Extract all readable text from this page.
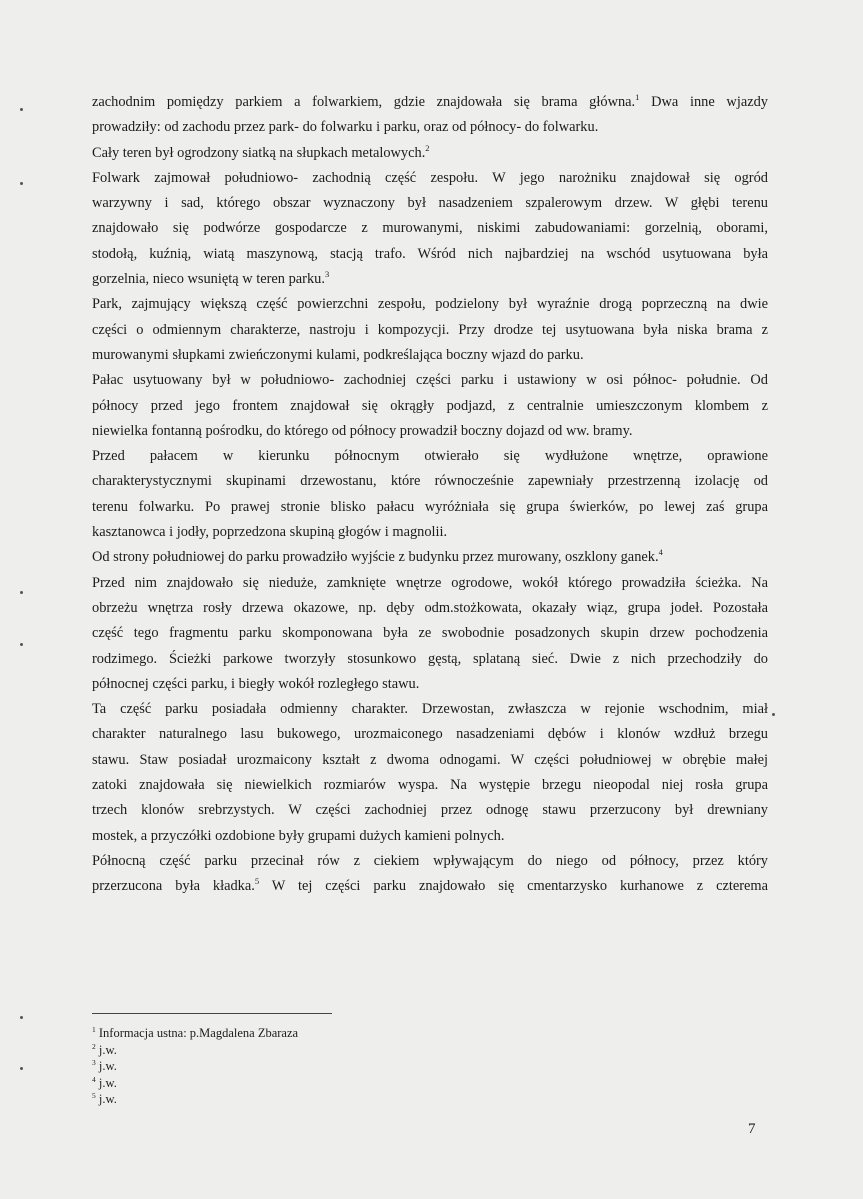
zachodnim pomiędzy parkiem a folwarkiem, gdzie znajdowała się brama główna.$^1$ Dwa inne wjazdy
prowadziły: od zachodu przez park- do folwarku i parku, oraz od północy- do folwarku.
Cały teren był ogrodzony siatką na słupkach metalowych.$^2$
Folwark zajmował południowo- zachodnią część zespołu. W jego narożniku znajdował się ogród
warzywny i sad, którego obszar wyznaczony był nasadzeniem szpalerowym drzew. W głębi terenu
znajdowało się podwórze gospodarcze z murowanymi, niskimi zabudowaniami: gorzelnią, oborami,
stodołą, kuźnią, wiatą maszynową, stacją trafo. Wśród nich najbardziej na wschód usytuowana była
gorzelnia, nieco wsuniętą w teren parku.$^3$
Park, zajmujący większą część powierzchni zespołu, podzielony był wyraźnie drogą poprzeczną na dwie
części o odmiennym charakterze, nastroju i kompozycji. Przy drodze tej usytuowana była niska brama z
murowanymi słupkami zwieńczonymi kulami, podkreślająca boczny wjazd do parku.
Pałac usytuowany był w południowo- zachodniej części parku i ustawiony w osi północ- południe. Od
północy przed jego frontem znajdował się okrągły podjazd, z centralnie umieszczonym klombem z
niewielka fontanną pośrodku, do którego od północy prowadził boczny dojazd od ww. bramy.
Przed pałacem w kierunku północnym otwierało się wydłużone wnętrze, oprawione
charakterystycznymi skupinami drzewostanu, które równocześnie zapewniały przestrzenną izolację od
terenu folwarku. Po prawej stronie blisko pałacu wyróżniała się grupa świerków, po lewej zaś grupa
kasztanowca i jodły, poprzedzona skupiną głogów i magnolii.
Od strony południowej do parku prowadziło wyjście z budynku przez murowany, oszklony ganek.$^4$
Przed nim znajdowało się nieduże, zamknięte wnętrze ogrodowe, wokół którego prowadziła ścieżka. Na
obrzeżu wnętrza rosły drzewa okazowe, np. dęby odm.stożkowata, okazały wiąz, grupa jodeł. Pozostała
część tego fragmentu parku skomponowana była ze swobodnie posadzonych skupin drzew pochodzenia
rodzimego. Ścieżki parkowe tworzyły stosunkowo gęstą, splataną sieć. Dwie z nich przechodziły do
północnej części parku, i biegły wokół rozległego stawu.
Ta część parku posiadała odmienny charakter. Drzewostan, zwłaszcza w rejonie wschodnim, miał
charakter naturalnego lasu bukowego, urozmaiconego nasadzeniami dębów i klonów wzdłuż brzegu
stawu. Staw posiadał urozmaicony kształt z dwoma odnogami. W części południowej w obrębie małej
zatoki znajdowała się niewielkich rozmiarów wyspa. Na występie brzegu nieopodal niej rosła grupa
trzech klonów srebrzystych. W części zachodniej przez odnogę stawu przerzucony był drewniany
mostek, a przyczółki ozdobione były grupami dużych kamieni polnych.
Północną część parku przecinał rów z ciekiem wpływającym do niego od północy, przez który
przerzucona była kładka.$^5$ W tej części parku znajdowało się cmentarzysko kurhanowe z czterema
$^1$ Informacja ustna: p.Magdalena Zbaraza
$^2$ j.w.
$^3$ j.w.
$^4$ j.w.
$^5$ j.w.
7
